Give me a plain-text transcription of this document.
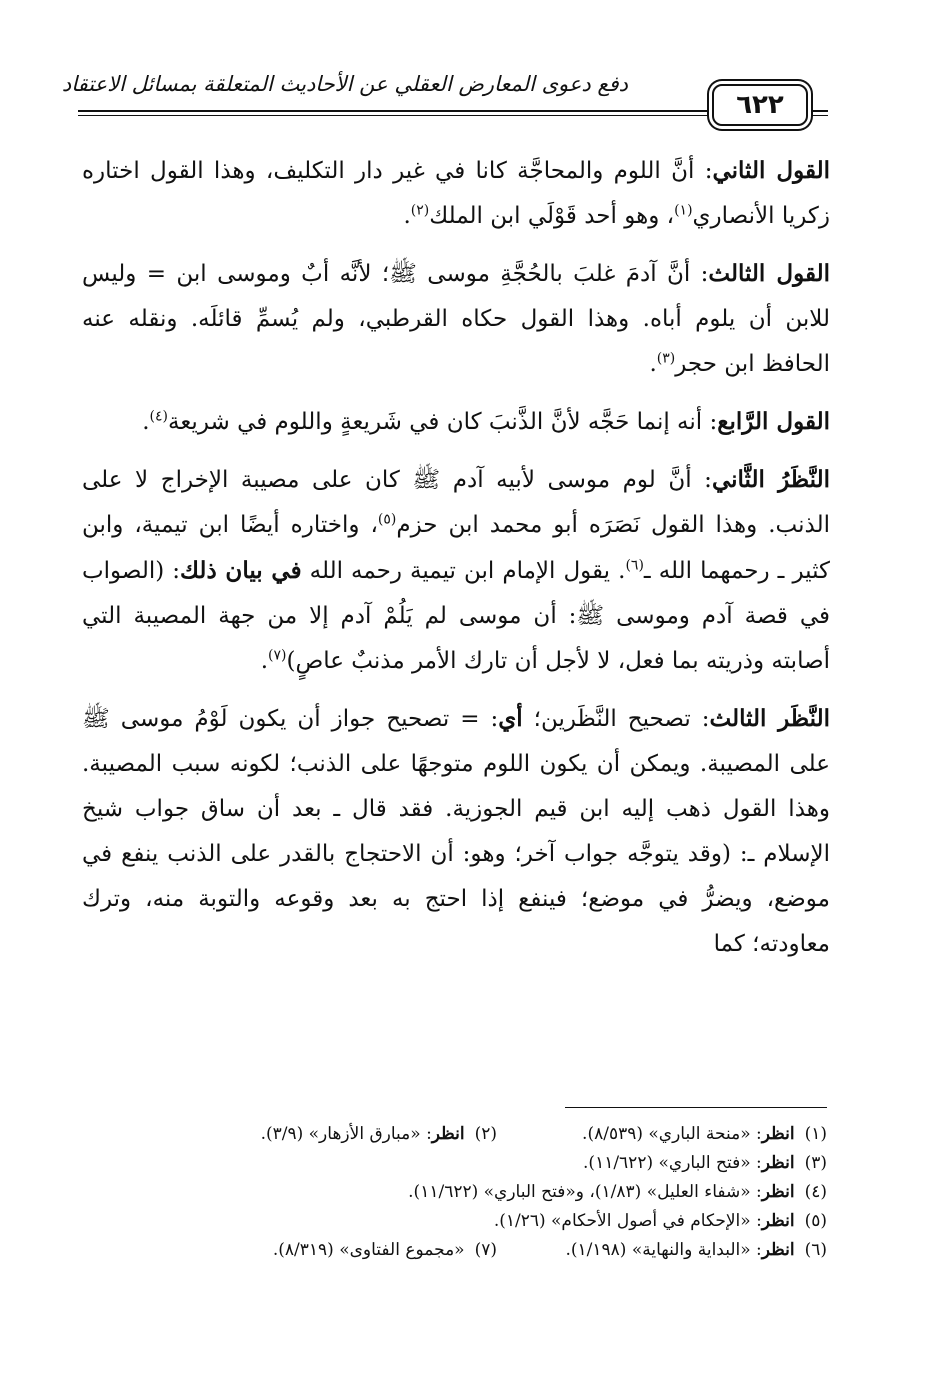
دفع دعوى المعارض العقلي عن الأحاديث المتعلقة بمسائل الاعتقاد
٦٢٢

القول الثاني: أنَّ اللوم والمحاجَّة كانا في غير دار التكليف، وهذا القول اختاره زكريا الأنصاري$^{(١)}$، وهو أحد قَوْلَي ابن الملك$^{(٢)}$.

القول الثالث: أنَّ آدمَ غلبَ بالحُجَّةِ موسى ﷺ؛ لأنَّه أبٌ وموسى ابن = وليس للابن أن يلوم أباه. وهذا القول حكاه القرطبي، ولم يُسمِّ قائلَه. ونقله عنه الحافظ ابن حجر$^{(٣)}$.

القول الرَّابع: أنه إنما حَجَّه لأنَّ الذَّنبَ كان في شَريعةٍ واللوم في شريعة$^{(٤)}$.

النَّظَرُ الثَّاني: أنَّ لوم موسى لأبيه آدم ﷺ كان على مصيبة الإخراج لا على الذنب. وهذا القول نَصَرَه أبو محمد ابن حزم$^{(٥)}$، واختاره أيضًا ابن تيمية، وابن كثير ـ رحمهما الله ـ$^{(٦)}$. يقول الإمام ابن تيمية رحمه الله في بيان ذلك: (الصواب في قصة آدم وموسى ﷺ: أن موسى لم يَلُمْ آدم إلا من جهة المصيبة التي أصابته وذريته بما فعل، لا لأجل أن تارك الأمر مذنبٌ عاصٍ)$^{(٧)}$.

النَّظَر الثالث: تصحيح النَّظَرين؛ أي: = تصحيح جواز أن يكون لَوْمُ موسى ﷺ على المصيبة. ويمكن أن يكون اللوم متوجهًا على الذنب؛ لكونه سبب المصيبة. وهذا القول ذهب إليه ابن قيم الجوزية. فقد قال ـ بعد أن ساق جواب شيخ الإسلام ـ: (وقد يتوجَّه جواب آخر؛ وهو: أن الاحتجاج بالقدر على الذنب ينفع في موضع، ويضرُّ في موضع؛ فينفع إذا احتج به بعد وقوعه والتوبة منه، وترك معاودته؛ كما

(١)انظر: «منحة الباري» (٨/٥٣٩).
(٢)انظر: «مبارق الأزهار» (٣/٩).
(٣)انظر: «فتح الباري» (١١/٦٢٢).
(٤)انظر: «شفاء العليل» (١/٨٣)، و«فتح الباري» (١١/٦٢٢).
(٥)انظر: «الإحكام في أصول الأحكام» (١/٢٦).
(٦)انظر: «البداية والنهاية» (١/١٩٨).
(٧)«مجموع الفتاوى» (٨/٣١٩).
